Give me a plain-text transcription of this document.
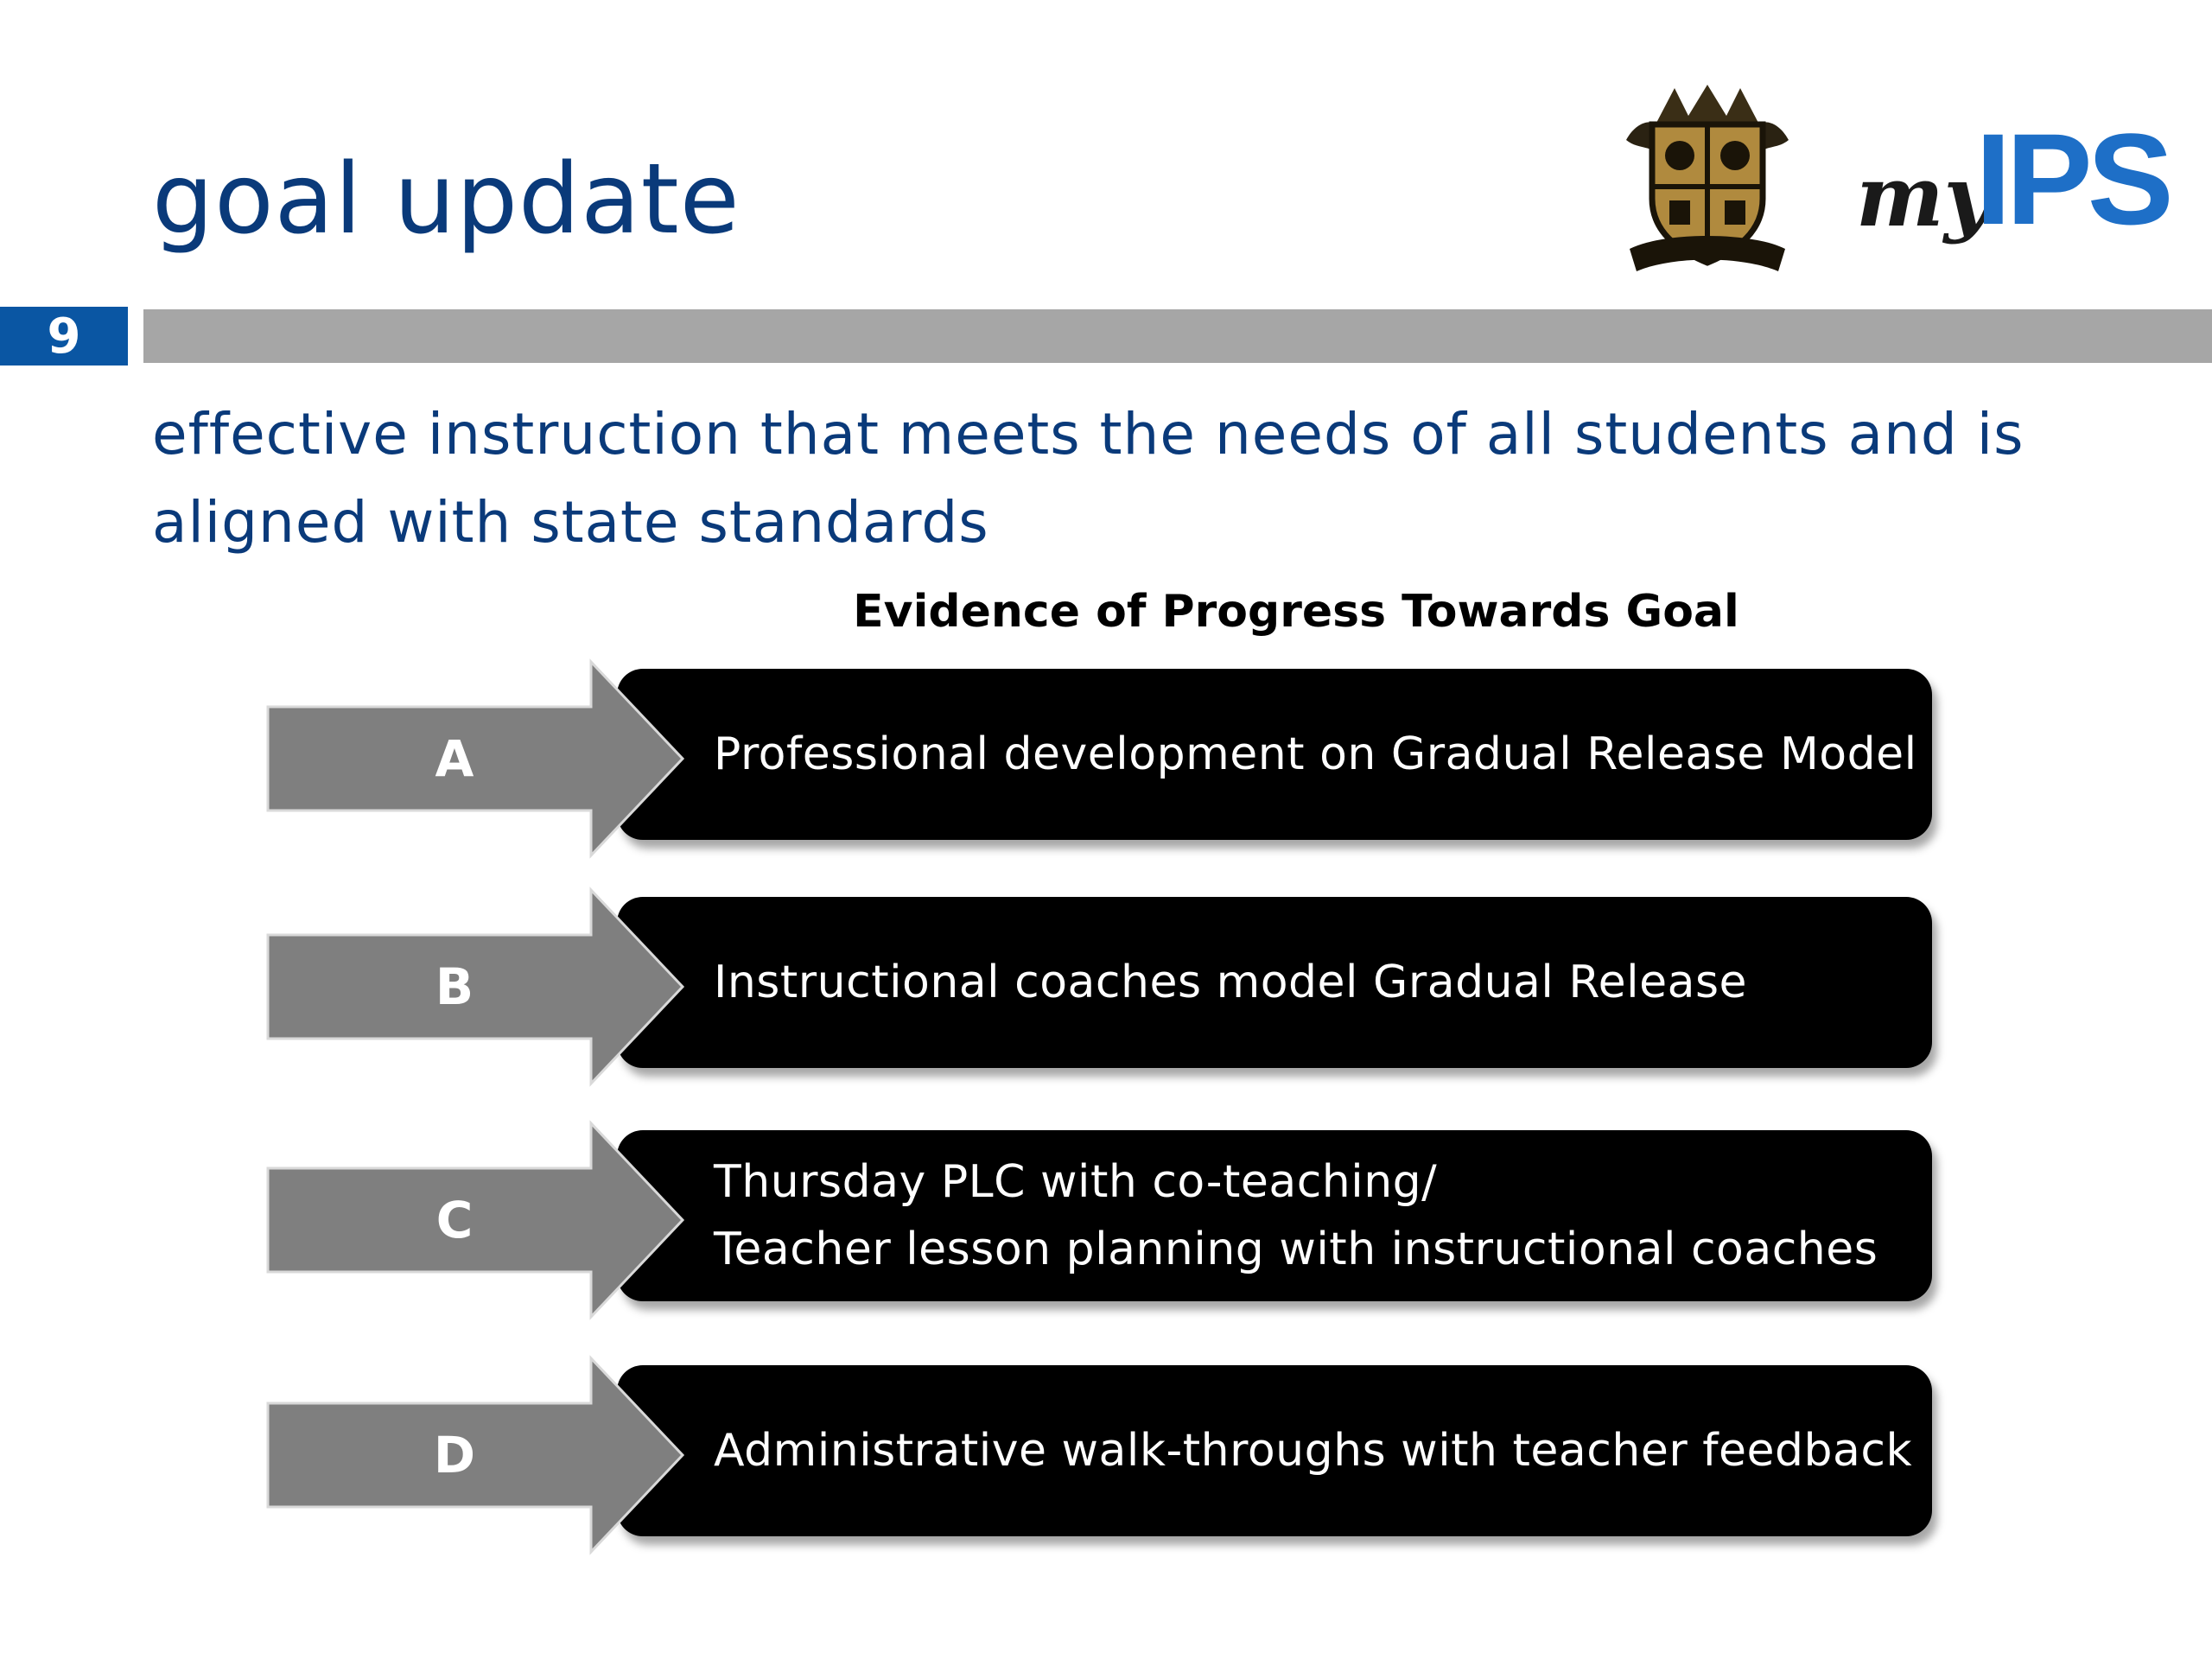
goal update	my
IPS
9
effective instruction that meets the needs of all students and is aligned with state standards
Evidence of Progress Towards Goal
Professional development on Gradual Release Model
A
Instructional coaches model Gradual Release
B
Thursday PLC with co-teaching/
Teacher lesson planning with instructional coaches
C
Administrative walk-throughs with teacher feedback
D
